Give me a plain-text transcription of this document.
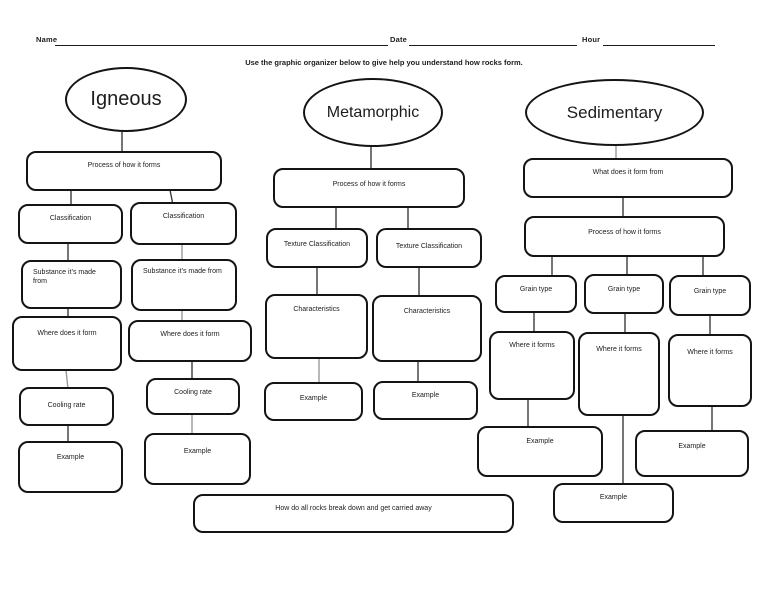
Name	Date	Hour
Use the graphic organizer below to give help you understand how rocks form.
Igneous
Metamorphic	Sedimentary
Process of how it forms
Classification	Classification
Substance it’s made from
Substance it’s made from
Where does it form	Where does it form
Cooling rate
Cooling rate
Example
Example
Process of how it forms
Texture Classification	Texture Classification
Characteristics	Characteristics
Example	Example
What does it form from
Process of how it forms
Grain type	Grain type	Grain type
Where it forms
Where it forms	Where it forms
Example
Example
Example
How do all rocks break down and get carried away
